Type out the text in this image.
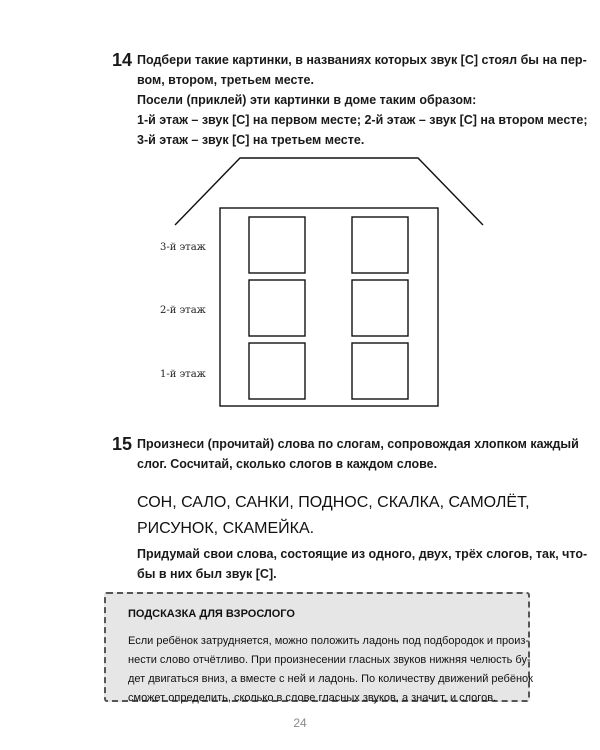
14 Подбери такие картинки, в названиях которых звук [С] стоял бы на пер-
вом, втором, третьем месте.
Посели (приклей) эти картинки в доме таким образом:
1-й этаж – звук [С] на первом месте; 2-й этаж – звук [С] на втором месте;
3-й этаж – звук [С] на третьем месте.
3-й этаж
2-й этаж
1-й этаж
15 Произнеси (прочитай) слова по слогам, сопровождая хлопком каждый
слог. Сосчитай, сколько слогов в каждом слове.
СОН, САЛО, САНКИ, ПОДНОС, СКАЛКА, САМОЛЁТ,
РИСУНОК, СКАМЕЙКА.
Придумай свои слова, состоящие из одного, двух, трёх слогов, так, что-
бы в них был звук [С].
ПОДСКАЗКА ДЛЯ ВЗРОСЛОГО
Если ребёнок затрудняется, можно положить ладонь под подбородок и произ-
нести слово отчётливо. При произнесении гласных звуков нижняя челюсть бу-
дет двигаться вниз, а вместе с ней и ладонь. По количеству движений ребёнок
сможет определить, сколько в слове гласных звуков, а значит, и слогов.
24
